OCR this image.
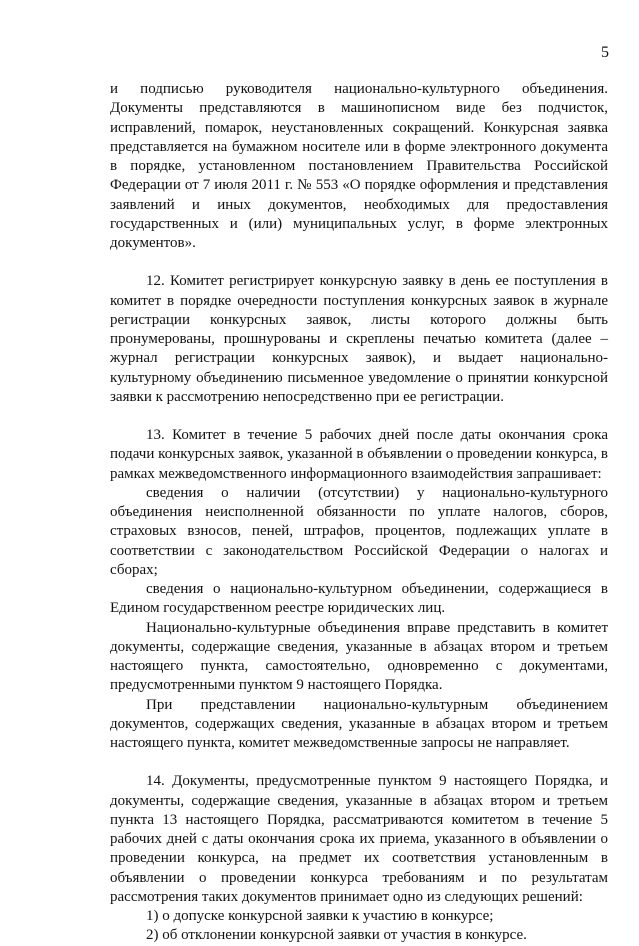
5

и подписью руководителя национально-культурного объединения. Документы представляются в машинописном виде без подчисток, исправлений, помарок, неустановленных сокращений. Конкурсная заявка представляется на бумажном носителе или в форме электронного документа в порядке, установленном постановлением Правительства Российской Федерации от 7 июля 2011 г. № 553 «О порядке оформления и представления заявлений и иных документов, необходимых для предоставления государственных и (или) муниципальных услуг, в форме электронных документов».

12. Комитет регистрирует конкурсную заявку в день ее поступления в комитет в порядке очередности поступления конкурсных заявок в журнале регистрации конкурсных заявок, листы которого должны быть пронумерованы, прошнурованы и скреплены печатью комитета (далее – журнал регистрации конкурсных заявок), и выдает национально-культурному объединению письменное уведомление о принятии конкурсной заявки к рассмотрению непосредственно при ее регистрации.

13. Комитет в течение 5 рабочих дней после даты окончания срока подачи конкурсных заявок, указанной в объявлении о проведении конкурса, в рамках межведомственного информационного взаимодействия запрашивает:

сведения о наличии (отсутствии) у национально-культурного объединения неисполненной обязанности по уплате налогов, сборов, страховых взносов, пеней, штрафов, процентов, подлежащих уплате в соответствии с законодательством Российской Федерации о налогах и сборах;

сведения о национально-культурном объединении, содержащиеся в Едином государственном реестре юридических лиц.

Национально-культурные объединения вправе представить в комитет документы, содержащие сведения, указанные в абзацах втором и третьем настоящего пункта, самостоятельно, одновременно с документами, предусмотренными пунктом 9 настоящего Порядка.

При представлении национально-культурным объединением документов, содержащих сведения, указанные в абзацах втором и третьем настоящего пункта, комитет межведомственные запросы не направляет.

14. Документы, предусмотренные пунктом 9 настоящего Порядка, и документы, содержащие сведения, указанные в абзацах втором и третьем пункта 13 настоящего Порядка, рассматриваются комитетом в течение 5 рабочих дней с даты окончания срока их приема, указанного в объявлении о проведении конкурса, на предмет их соответствия установленным в объявлении о проведении конкурса требованиям и по результатам рассмотрения таких документов принимает одно из следующих решений:

1) о допуске конкурсной заявки к участию в конкурсе;

2) об отклонении конкурсной заявки от участия в конкурсе.
